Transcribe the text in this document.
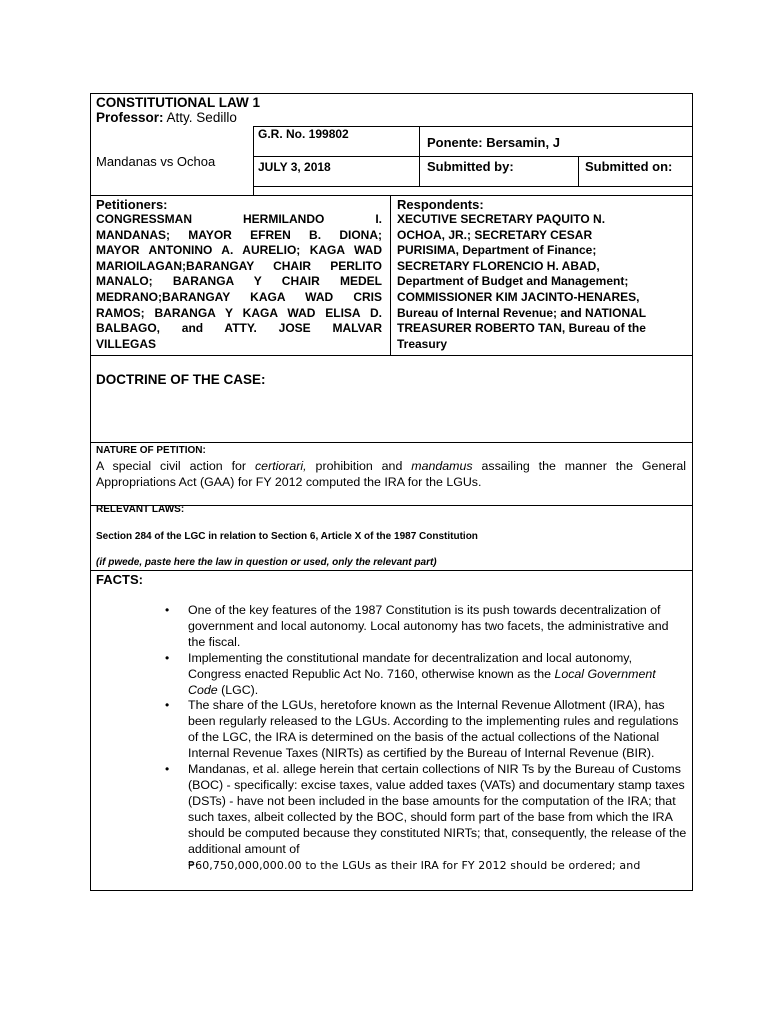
CONSTITUTIONAL LAW 1
Professor: Atty. Sedillo
Mandanas vs Ochoa
G.R. No. 199802
Ponente: Bersamin, J
JULY 3, 2018	Submitted by:	Submitted on:
Petitioners:
CONGRESSMAN HERMILANDO I.
MANDANAS; MAYOR EFREN B. DIONA;
MAYOR ANTONINO A. AURELIO; KAGA WAD
MARIOILAGAN;BARANGAY CHAIR PERLITO
MANALO; BARANGA Y CHAIR MEDEL
MEDRANO;BARANGAY KAGA WAD CRIS
RAMOS; BARANGA Y KAGA WAD ELISA D.
BALBAGO, and ATTY. JOSE MALVAR
VILLEGAS
Respondents:
XECUTIVE SECRETARY PAQUITO N.
OCHOA, JR.; SECRETARY CESAR
PURISIMA, Department of Finance;
SECRETARY FLORENCIO H. ABAD,
Department of Budget and Management;
COMMISSIONER KIM JACINTO-HENARES,
Bureau of Internal Revenue; and NATIONAL
TREASURER ROBERTO TAN, Bureau of the
Treasury
DOCTRINE OF THE CASE:
NATURE OF PETITION:
A special civil action for certiorari, prohibition and mandamus assailing the manner the General
Appropriations Act (GAA) for FY 2012 computed the IRA for the LGUs.
RELEVANT LAWS:
Section 284 of the LGC in relation to Section 6, Article X of the 1987 Constitution
(if pwede, paste here the law in question or used, only the relevant part)
FACTS:
• One of the key features of the 1987 Constitution is its push towards decentralization of government and local autonomy. Local autonomy has two facets, the administrative and the fiscal.
• Implementing the constitutional mandate for decentralization and local autonomy, Congress enacted Republic Act No. 7160, otherwise known as the Local Government Code (LGC).
• The share of the LGUs, heretofore known as the Internal Revenue Allotment (IRA), has been regularly released to the LGUs. According to the implementing rules and regulations of the LGC, the IRA is determined on the basis of the actual collections of the National Internal Revenue Taxes (NIRTs) as certified by the Bureau of Internal Revenue (BIR).
• Mandanas, et al. allege herein that certain collections of NIR Ts by the Bureau of Customs (BOC) - specifically: excise taxes, value added taxes (VATs) and documentary stamp taxes (DSTs) - have not been included in the base amounts for the computation of the IRA; that such taxes, albeit collected by the BOC, should form part of the base from which the IRA should be computed because they constituted NIRTs; that, consequently, the release of the additional amount of
₱60,750,000,000.00 to the LGUs as their IRA for FY 2012 should be ordered; and
